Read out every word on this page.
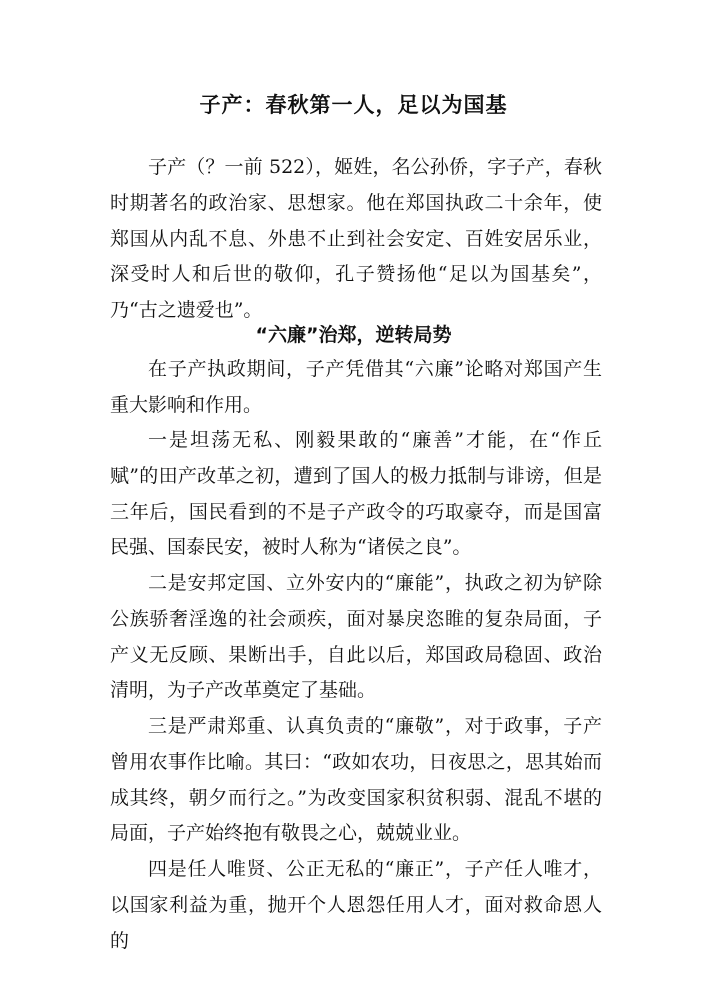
子产：春秋第一人，足以为国基

子产（？一前 522），姬姓，名公孙侨，字子产，春秋时期著名的政治家、思想家。他在郑国执政二十余年，使郑国从内乱不息、外患不止到社会安定、百姓安居乐业，深受时人和后世的敬仰，孔子赞扬他“足以为国基矣”，乃“古之遗爱也”。

“六廉”治郑，逆转局势

在子产执政期间，子产凭借其“六廉”论略对郑国产生重大影响和作用。

一是坦荡无私、刚毅果敢的“廉善”才能，在“作丘赋”的田产改革之初，遭到了国人的极力抵制与诽谤，但是三年后，国民看到的不是子产政令的巧取豪夺，而是国富民强、国泰民安，被时人称为“诸侯之良”。

二是安邦定国、立外安内的“廉能”，执政之初为铲除公族骄奢淫逸的社会顽疾，面对暴戾恣睢的复杂局面，子产义无反顾、果断出手，自此以后，郑国政局稳固、政治清明，为子产改革奠定了基础。

三是严肃郑重、认真负责的“廉敬”，对于政事，子产曾用农事作比喻。其曰：“政如农功，日夜思之，思其始而成其终，朝夕而行之。”为改变国家积贫积弱、混乱不堪的局面，子产始终抱有敬畏之心，兢兢业业。

四是任人唯贤、公正无私的“廉正”，子产任人唯才，以国家利益为重，抛开个人恩怨任用人才，面对救命恩人的
